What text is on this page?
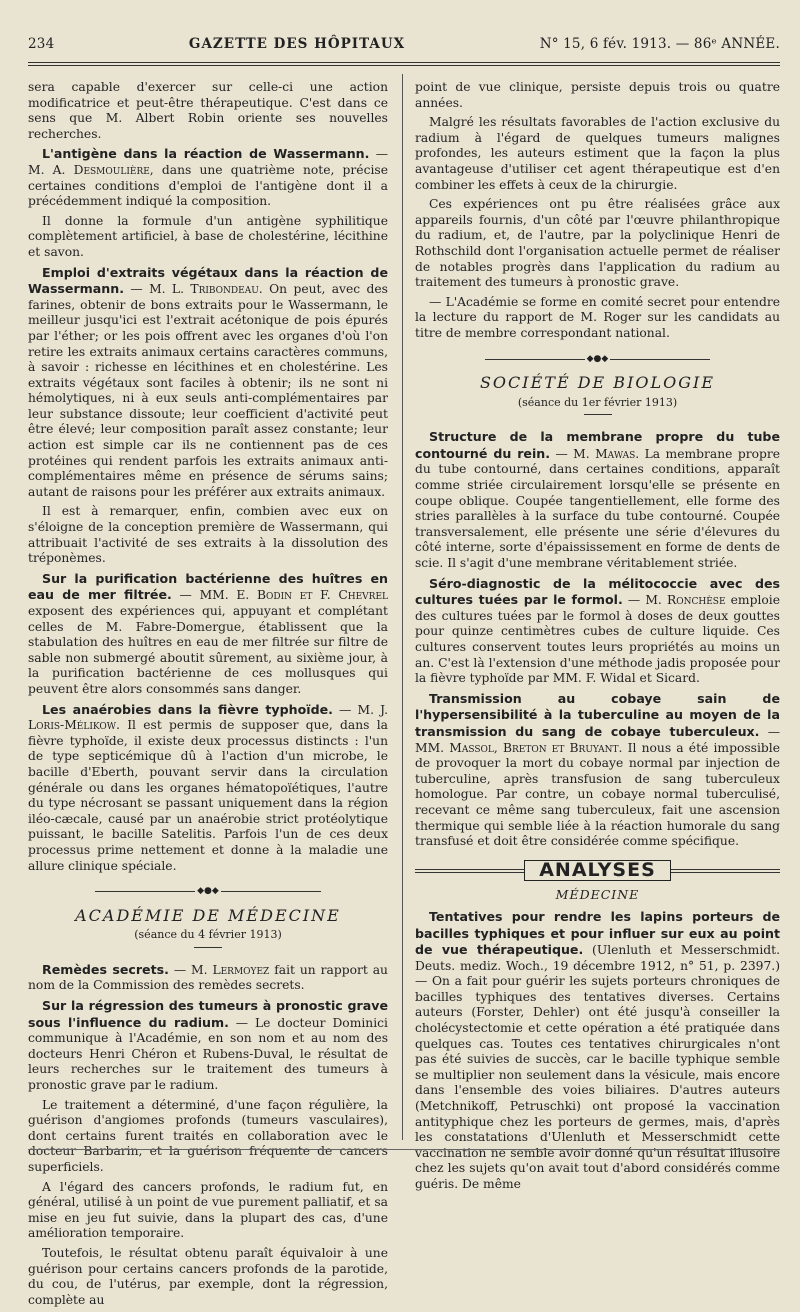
234	GAZETTE DES HÔPITAUX	N° 15, 6 fév. 1913. — 86ᵉ ANNÉE.

sera capable d'exercer sur celle-ci une action modificatrice et peut-être thérapeutique. C'est dans ce sens que M. Albert Robin oriente ses nouvelles recherches.

L'antigène dans la réaction de Wassermann. — M. A. Desmoulière, dans une quatrième note, précise certaines conditions d'emploi de l'antigène dont il a précédemment indiqué la composition.

Il donne la formule d'un antigène syphilitique complètement artificiel, à base de cholestérine, lécithine et savon.

Emploi d'extraits végétaux dans la réaction de Wassermann. — M. L. Tribondeau. On peut, avec des farines, obtenir de bons extraits pour le Wassermann, le meilleur jusqu'ici est l'extrait acétonique de pois épurés par l'éther; or les pois offrent avec les organes d'où l'on retire les extraits animaux certains caractères communs, à savoir : richesse en lécithines et en cholestérine. Les extraits végétaux sont faciles à obtenir; ils ne sont ni hémolytiques, ni à eux seuls anti-complémentaires par leur substance dissoute; leur coefficient d'activité peut être élevé; leur composition paraît assez constante; leur action est simple car ils ne contiennent pas de ces protéines qui rendent parfois les extraits animaux anti-complémentaires même en présence de sérums sains; autant de raisons pour les préférer aux extraits animaux.

Il est à remarquer, enfin, combien avec eux on s'éloigne de la conception première de Wassermann, qui attribuait l'activité de ses extraits à la dissolution des tréponèmes.

Sur la purification bactérienne des huîtres en eau de mer filtrée. — MM. E. Bodin et F. Chevrel exposent des expériences qui, appuyant et complétant celles de M. Fabre-Domergue, établissent que la stabulation des huîtres en eau de mer filtrée sur filtre de sable non submergé aboutit sûrement, au sixième jour, à la purification bactérienne de ces mollusques qui peuvent être alors consommés sans danger.

Les anaérobies dans la fièvre typhoïde. — M. J. Loris-Mélikow. Il est permis de supposer que, dans la fièvre typhoïde, il existe deux processus distincts : l'un de type septicémique dû à l'action d'un microbe, le bacille d'Eberth, pouvant servir dans la circulation générale ou dans les organes hématopoïétiques, l'autre du type nécrosant se passant uniquement dans la région iléo-cæcale, causé par un anaérobie strict protéolytique puissant, le bacille Satelitis. Parfois l'un de ces deux processus prime nettement et donne à la maladie une allure clinique spéciale.

◆●◆
ACADÉMIE DE MÉDECINE
(séance du 4 février 1913)

Remèdes secrets. — M. Lermoyez fait un rapport au nom de la Commission des remèdes secrets.

Sur la régression des tumeurs à pronostic grave sous l'influence du radium. — Le docteur Dominici communique à l'Académie, en son nom et au nom des docteurs Henri Chéron et Rubens-Duval, le résultat de leurs recherches sur le traitement des tumeurs à pronostic grave par le radium.

Le traitement a déterminé, d'une façon régulière, la guérison d'angiomes profonds (tumeurs vasculaires), dont certains furent traités en collaboration avec le docteur Barbarin, et la guérison fréquente de cancers superficiels.

A l'égard des cancers profonds, le radium fut, en général, utilisé à un point de vue purement palliatif, et sa mise en jeu fut suivie, dans la plupart des cas, d'une amélioration temporaire.

Toutefois, le résultat obtenu paraît équivaloir à une guérison pour certains cancers profonds de la parotide, du cou, de l'utérus, par exemple, dont la régression, complète au

point de vue clinique, persiste depuis trois ou quatre années.

Malgré les résultats favorables de l'action exclusive du radium à l'égard de quelques tumeurs malignes profondes, les auteurs estiment que la façon la plus avantageuse d'utiliser cet agent thérapeutique est d'en combiner les effets à ceux de la chirurgie.

Ces expériences ont pu être réalisées grâce aux appareils fournis, d'un côté par l'œuvre philanthropique du radium, et, de l'autre, par la polyclinique Henri de Rothschild dont l'organisation actuelle permet de réaliser de notables progrès dans l'application du radium au traitement des tumeurs à pronostic grave.

— L'Académie se forme en comité secret pour entendre la lecture du rapport de M. Roger sur les candidats au titre de membre correspondant national.

◆●◆
SOCIÉTÉ DE BIOLOGIE
(séance du 1er février 1913)

Structure de la membrane propre du tube contourné du rein. — M. Mawas. La membrane propre du tube contourné, dans certaines conditions, apparaît comme striée circulairement lorsqu'elle se présente en coupe oblique. Coupée tangentiellement, elle forme des stries parallèles à la surface du tube contourné. Coupée transversalement, elle présente une série d'élevures du côté interne, sorte d'épaississement en forme de dents de scie. Il s'agit d'une membrane véritablement striée.

Séro-diagnostic de la mélitococcie avec des cultures tuées par le formol. — M. Ronchèse emploie des cultures tuées par le formol à doses de deux gouttes pour quinze centimètres cubes de culture liquide. Ces cultures conservent toutes leurs propriétés au moins un an. C'est là l'extension d'une méthode jadis proposée pour la fièvre typhoïde par MM. F. Widal et Sicard.

Transmission au cobaye sain de l'hypersensibilité à la tuberculine au moyen de la transmission du sang de cobaye tuberculeux. — MM. Massol, Breton et Bruyant. Il nous a été impossible de provoquer la mort du cobaye normal par injection de tuberculine, après transfusion de sang tuberculeux homologue. Par contre, un cobaye normal tuberculisé, recevant ce même sang tuberculeux, fait une ascension thermique qui semble liée à la réaction humorale du sang transfusé et doit être considérée comme spécifique.

ANALYSES
MÉDECINE

Tentatives pour rendre les lapins porteurs de bacilles typhiques et pour influer sur eux au point de vue thérapeutique. (Ulenluth et Messerschmidt. Deuts. mediz. Woch., 19 décembre 1912, n° 51, p. 2397.) — On a fait pour guérir les sujets porteurs chroniques de bacilles typhiques des tentatives diverses. Certains auteurs (Forster, Dehler) ont été jusqu'à conseiller la cholécystectomie et cette opération a été pratiquée dans quelques cas. Toutes ces tentatives chirurgicales n'ont pas été suivies de succès, car le bacille typhique semble se multiplier non seulement dans la vésicule, mais encore dans l'ensemble des voies biliaires. D'autres auteurs (Metchnikoff, Petruschki) ont proposé la vaccination antityphique chez les porteurs de germes, mais, d'après les constatations d'Ulenluth et Messerschmidt cette vaccination ne semble avoir donné qu'un résultat illusoire chez les sujets qu'on avait tout d'abord considérés comme guéris. De même
